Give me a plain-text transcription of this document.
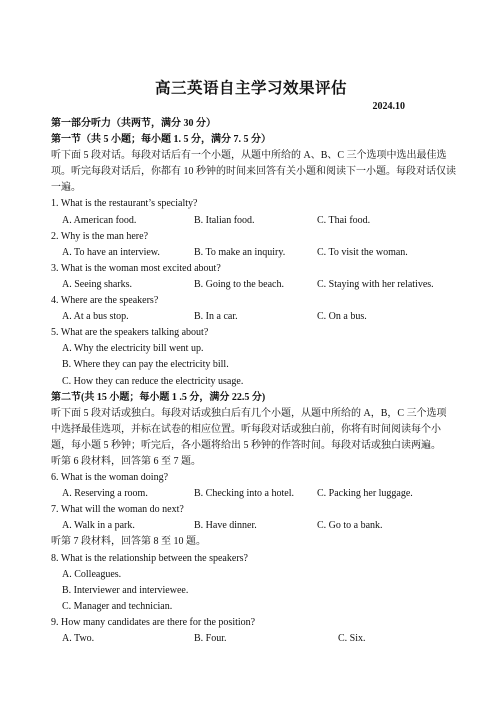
高三英语自主学习效果评估
2024.10
第一部分听力（共两节，满分 30 分）
第一节（共 5 小题；每小题 1. 5 分，满分 7. 5 分）
听下面 5 段对话。每段对话后有一个小题，从题中所给的 A、B、C 三个选项中选出最佳选项。听完每段对话后，你都有 10 秒钟的时间来回答有关小题和阅读下一小题。每段对话仅读一遍。
1. What is the restaurant’s specialty?
A. American food.	B. Italian food.	C. Thai food.
2. Why is the man here?
A. To have an interview.	B. To make an inquiry.	C. To visit the woman.
3. What is the woman most excited about?
A. Seeing sharks.	B. Going to the beach.	C. Staying with her relatives.
4. Where are the speakers?
A. At a bus stop.	B. In a car.	C. On a bus.
5. What are the speakers talking about?
A. Why the electricity bill went up.
B. Where they can pay the electricity bill.
C. How they can reduce the electricity usage.
第二节(共 15 小题；每小题 1 .5 分，满分 22.5 分)
听下面 5 段对话或独白。每段对话或独白后有几个小题，从题中所给的 A，B，C 三个选项中选择最佳选项，并标在试卷的相应位置。听每段对话或独白前，你将有时间阅读每个小题，每小题 5 秒钟；听完后，各小题将给出 5 秒钟的作答时间。每段对话或独白读两遍。
听第 6 段材料，回答第 6 至 7 题。
6. What is the woman doing?
A. Reserving a room.	B. Checking into a hotel. C. Packing her luggage.
7. What will the woman do next?
A. Walk in a park.	B. Have dinner.	C. Go to a bank.
听第 7 段材料，回答第 8 至 10 题。
8. What is the relationship between the speakers?
A. Colleagues.
B. Interviewer and interviewee.
C. Manager and technician.
9. How many candidates are there for the position?
A. Two.	B. Four.	C. Six.
